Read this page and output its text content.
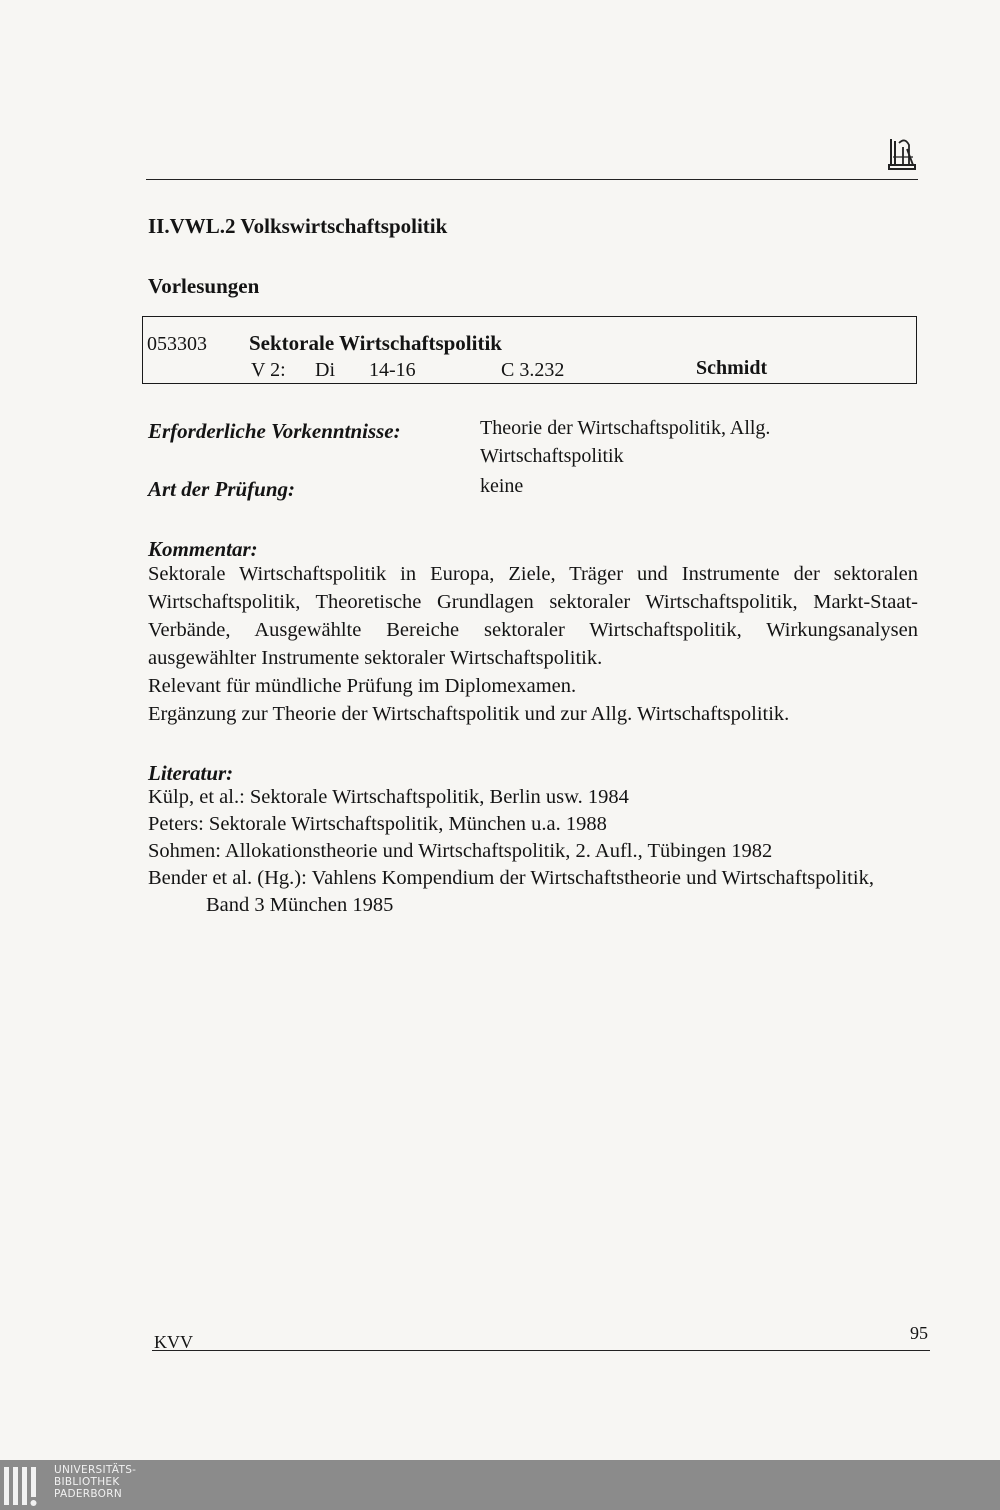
II.VWL.2 Volkswirtschaftspolitik
Vorlesungen
053303 Sektorale Wirtschaftspolitik
V 2: Di 14-16	C 3.232	Schmidt
Erforderliche Vorkenntnisse:	Theorie der Wirtschaftspolitik, Allg.
Wirtschaftspolitik
Art der Prüfung:	keine
Kommentar:

Sektorale Wirtschaftspolitik in Europa, Ziele, Träger und Instrumente der sektoralen Wirtschaftspolitik, Theoretische Grundlagen sektoraler Wirtschaftspolitik, Markt-Staat-Verbände, Ausgewählte Bereiche sektoraler Wirtschaftspolitik, Wirkungsanalysen ausgewählter Instrumente sektoraler Wirtschaftspolitik.

Relevant für mündliche Prüfung im Diplomexamen.

Ergänzung zur Theorie der Wirtschaftspolitik und zur Allg. Wirtschaftspolitik.

Literatur:
Külp, et al.: Sektorale Wirtschaftspolitik, Berlin usw. 1984
Peters: Sektorale Wirtschaftspolitik, München u.a. 1988
Sohmen: Allokationstheorie und Wirtschaftspolitik, 2. Aufl., Tübingen 1982
Bender et al. (Hg.): Vahlens Kompendium der Wirtschaftstheorie und Wirtschaftspolitik,
Band 3 München 1985
95
KVV
UNIVERSITÄTS-
BIBLIOTHEK
PADERBORN
